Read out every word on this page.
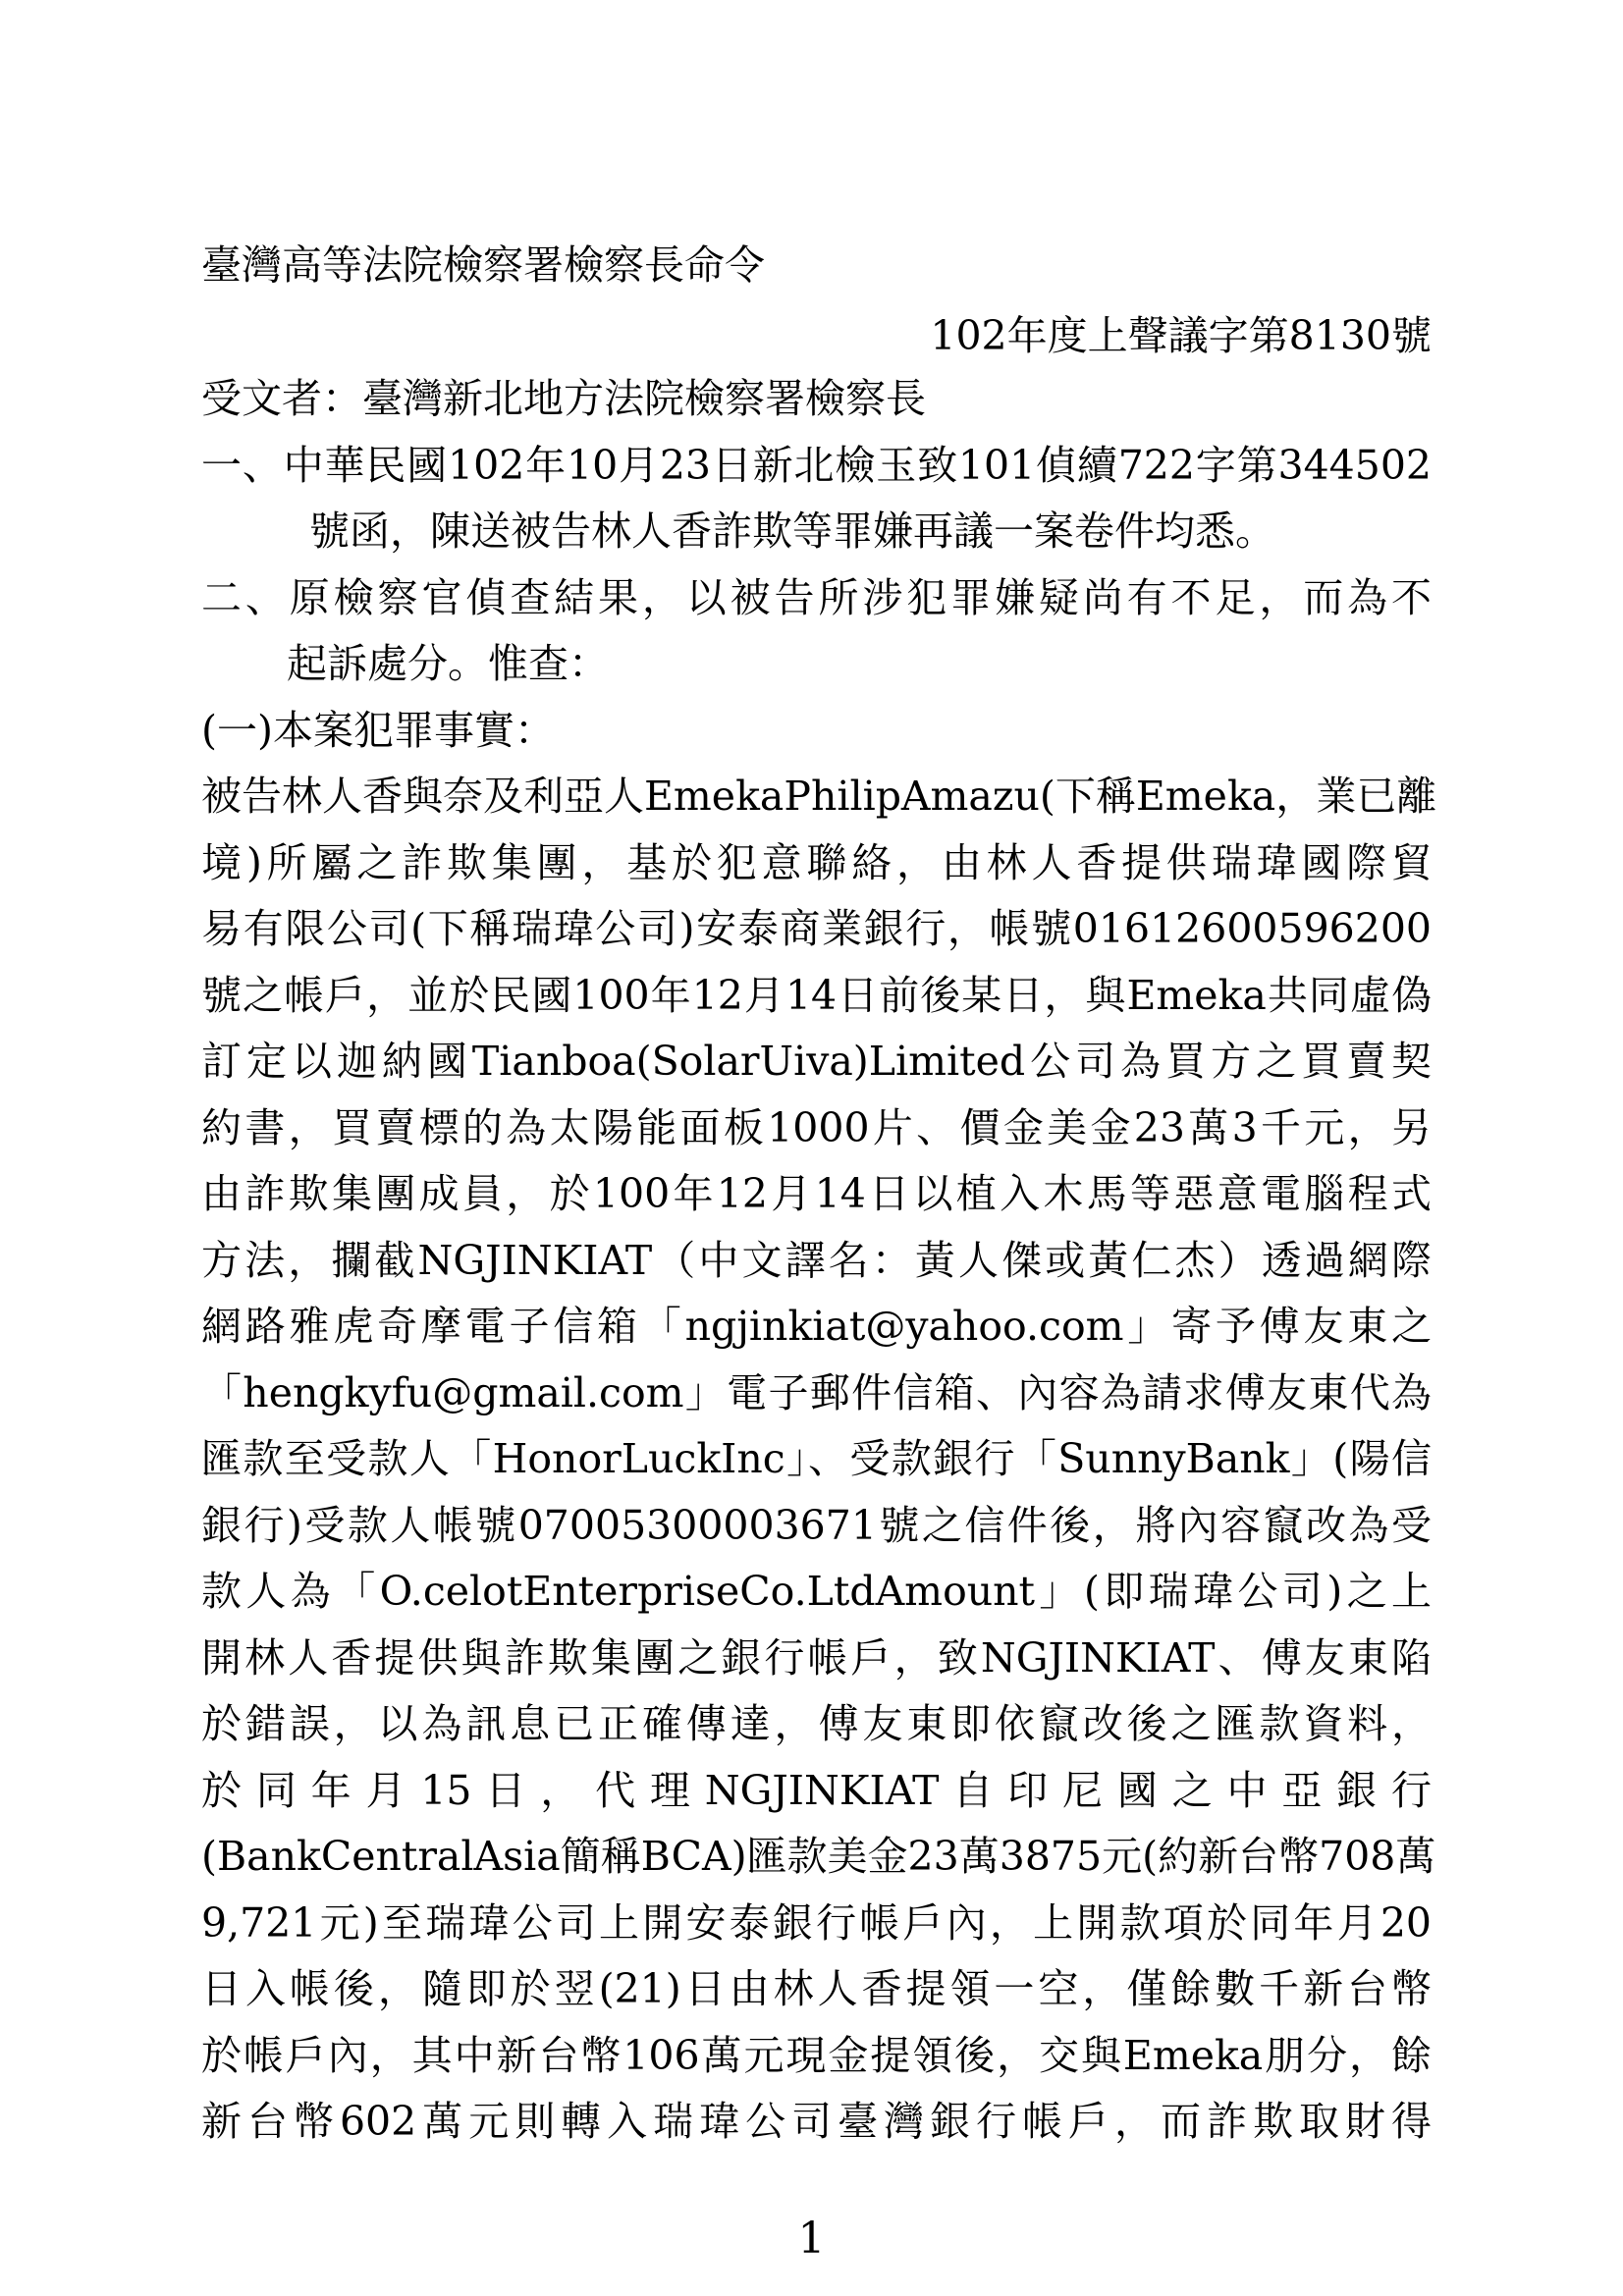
臺灣高等法院檢察署檢察長命令
102年度上聲議字第8130號
受文者：臺灣新北地方法院檢察署檢察長
一、中華民國102年10月23日新北檢玉致101偵續722字第344502
號函，陳送被告林人香詐欺等罪嫌再議一案卷件均悉。
二、原檢察官偵查結果，以被告所涉犯罪嫌疑尚有不足，而為不
起訴處分。惟查：
(一)本案犯罪事實：
被告林人香與奈及利亞人EmekaPhilipAmazu(下稱Emeka，業已離
境)所屬之詐欺集團，基於犯意聯絡，由林人香提供瑞瑋國際貿
易有限公司(下稱瑞瑋公司)安泰商業銀行，帳號01612600596200
號之帳戶，並於民國100年12月14日前後某日，與Emeka共同虛偽
訂定以迦納國Tianboa(SolarUiva)Limited公司為買方之買賣契
約書，買賣標的為太陽能面板1000片、價金美金23萬3千元，另
由詐欺集團成員，於100年12月14日以植入木馬等惡意電腦程式
方法，攔截NGJINKIAT（中文譯名：黃人傑或黃仁杰）透過網際
網路雅虎奇摩電子信箱「ngjinkiat@yahoo.com」寄予傅友東之
「hengkyfu@gmail.com」電子郵件信箱、內容為請求傅友東代為
匯款至受款人「HonorLuckInc」、受款銀行「SunnyBank」(陽信
銀行)受款人帳號07005300003671號之信件後，將內容竄改為受
款人為「O.celotEnterpriseCo.LtdAmount」(即瑞瑋公司)之上
開林人香提供與詐欺集團之銀行帳戶，致NGJINKIAT、傅友東陷
於錯誤，以為訊息已正確傳達，傅友東即依竄改後之匯款資料，
於 同 年 月 15 日 ， 代 理 NGJINKIAT 自 印 尼 國 之 中 亞 銀 行
(BankCentralAsia簡稱BCA)匯款美金23萬3875元(約新台幣708萬
9,721元)至瑞瑋公司上開安泰銀行帳戶內，上開款項於同年月20
日入帳後，隨即於翌(21)日由林人香提領一空，僅餘數千新台幣
於帳戶內，其中新台幣106萬元現金提領後，交與Emeka朋分，餘
新台幣602萬元則轉入瑞瑋公司臺灣銀行帳戶，而詐欺取財得
1
